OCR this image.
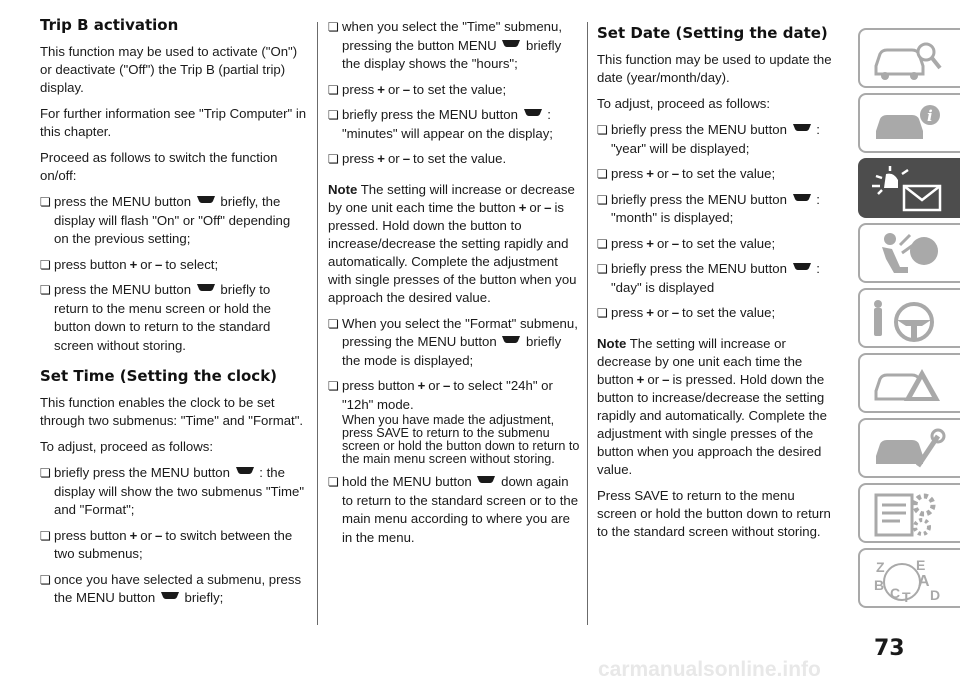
Trip B activation

This function may be used to activate ("On") or deactivate ("Off") the Trip B (partial trip) display.

For further information see "Trip Computer" in this chapter.

Proceed as follows to switch the function on/off:

❏ press the MENU button briefly, the display will flash "On" or "Off" depending on the previous setting;
❏ press button + or – to select;
❏ press the MENU button briefly to return to the menu screen or hold the button down to return to the standard screen without storing.
Set Time (Setting the clock)

This function enables the clock to be set through two submenus: "Time" and "Format".

To adjust, proceed as follows:

❏ briefly press the MENU button : the display will show the two submenus "Time" and "Format";
❏ press button + or – to switch between the two submenus;
❏ once you have selected a submenu, press the MENU button briefly;
❏ when you select the "Time" submenu, pressing the button MENU briefly the display shows the "hours";
❏ press + or – to set the value;
❏ briefly press the MENU button : "minutes" will appear on the display;
❏ press + or – to set the value.

Note The setting will increase or decrease by one unit each time the button + or – is pressed. Hold down the button to increase/decrease the setting rapidly and automatically. Complete the adjustment with single presses of the button when you approach the desired value.

❏ When you select the "Format" submenu, pressing the MENU button briefly the mode is displayed;
❏ press button + or – to select "24h" or "12h" mode.
When you have made the adjustment, press SAVE to return to the submenu screen or hold the button down to return to the main menu screen without storing.
❏ hold the MENU button down again to return to the standard screen or to the main menu according to where you are in the menu.
Set Date (Setting the date)

This function may be used to update the date (year/month/day).

To adjust, proceed as follows:

❏ briefly press the MENU button : "year" will be displayed;
❏ press + or – to set the value;
❏ briefly press the MENU button : "month" is displayed;
❏ press + or – to set the value;
❏ briefly press the MENU button : "day" is displayed
❏ press + or – to set the value;

Note The setting will increase or decrease by one unit each time the button + or – is pressed. Hold down the button to increase/decrease the setting rapidly and automatically. Complete the adjustment with single presses of the button when you approach the desired value.

Press SAVE to return to the menu screen or hold the button down to return to the standard screen without storing.

i
Z E
A
B C T D
73
carmanualsonline.info
